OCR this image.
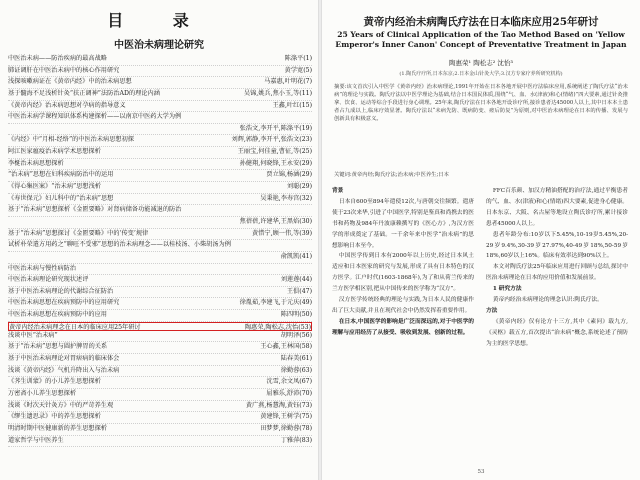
目 录
中医治未病理论研究
中医治未病——防治疾病的最高战略	陈涤平(1)
肺证调肝在中医治未病中的核心作用研究	黄学宽(5)
浅探咳嗽病证在《黄帝内经》中的治未病思想	马嘉惠,叶明花(7)
基于髓海不足浅析针灸“扶正调神”法防治AD的理论内涵	吴锦,姚兵,焦小玉,等(11)
《黄帝内经》治未病思想对孕病的指导意义	王鑫,叶红(15)
中医治未病学课程知识体系构建探析——以南京中医药大学为例
张浩文,李开平,陈涤平(19)
《内经》中“月相-经络”的中医治未病思想初探	刘辉,郭静,李开平,张浩文(23)
阿江医家瘟疫治未病学术思想探析	王丽宝,何佳童,曹征,等(25)
李梴治未病思想探析	孙健翔,何晓锋,王永安(29)
“治未病”思想在妇科疾病防治中的运用	贾立锦,杨涵(29)
《得心集医案》“治未病”思想浅析	刘聪(29)
《寿世保元》妇儿科中的“治未病”思想	吴秉艳,李寿宫(32)
基于“治未病”思想探析《金匮要略》对肾病储备功能减退的防治
焦蓓蓓,许建华,王黑焰(30)
基于“治未病”思想探讨《金匮要略》中的‘传变’规律	黄惜宁,顾一伟,等(39)
试析朴荣遣方用药之“聊旺不受邪”思想的治未病理念——以桂枝汤、小柴胡汤为例
俞凯凯(41)
中医治未病与慢性病防治
中医治未病理论研究现状述评	刘莲莲(44)
基于中医治未病理论的代谢综合征防治	王俱(47)
中医治未病思想在疾病预防中的应用研究	徐胤茹,李建飞,于元庆(49)
中医治未病思想在疾病预防中的应用	陈四明(50)
黄帝内经治未病理念在日本的临床应用25年研讨	陶惠荣,陶松志,沈怡(53)
浅谈中医“治未病”	胡明泽(56)
基于“治未病”思想与圆护脾胃的关系	王心鑫,王林国(58)
基于中医治未病理论对胃痞病的临床体会	陆春美(61)
浅谈《黄帝内经》气机升降出入与治未病	徐勤蓉(63)
《荠生训蒙》的小儿养生思想探析	沈雪,余文凤(67)
万密斋小儿养生思想探析	屈雅乐,舒沛(70)
浅谈《时次天针灸方》中的严苛养生观	黄广燕,杨慧淘,黄钰(73)
《缪生遗思录》中的养生思想探析	黄建锋,王树学(75)
明清时期中医健康新的养生思想探析	田梦梦,徐勤蓉(78)
道家哲学与中医养生	丁雅萍(83)
黄帝内经治未病陶氏疗法在日本临床应用25年研讨
25 Years of Clinical Application of the Tao Method Based on 'Yellow Emperor's Inner Canon' Concept of Preventative Treatment in Japan
陶惠荣¹ 陶松志² 沈怡³
(1.陶氏疗疗所,日本东京;2.日本金山针灸大学;3.汉方专家疗养所研究机构)
摘要:该文首次引入中医学《黄帝内经》治未病理论,1991年开始在日本各地开展中医疗法临床应用,系统阐述了陶氏疗法“治未病”的理论与实践。陶氏疗法以中医学理论为基础,结合日本国民体质,围绕“气、血、水(津液)和心(情绪)”四大要素,通过针灸推拿、饮食、运动等综合手段进行身心调理。25年来,陶氏疗法在日本各地开设诊疗所,接诊患者达45000人以上,其中日本本土患者占九成以上,临床疗效显著。陶氏疗法以“未病先防、既病防变、瘥后防复”为原则,对中医治未病理论在日本的传播、发展与创新具有积极意义。
关键词:黄帝内经;陶氏疗法;治未病;中医养生;日本

背景

日本自600至894年遣使12次,与唐朝交往频繁。遣唐使于23次来华,引进了中国医学,特别是鉴真和尚携去的医书和药物及984年丹波康赖撰写的《医心方》,为汉方医学的形成奠定了基础。一千余年来中医学“治未病”的思想影响日本至今。

中国医学传到日本有2000年以上历史,经过日本风土适应和日本医家的研究与发展,形成了具有日本特色的汉方医学。江户时代(1603-1868年),为了和从荷兰传来的兰方医学相区别,把从中国传来的医学称为“汉方”。

汉方医学传统经典的理论与实践,为日本人民的健康作出了巨大贡献,并且在现代社会中仍然发挥着重要作用。

在日本,中国医学的影响是广泛而深远的,对于中医学的理解与应用经历了从接受、吸收到发展、创新的过程。

FFC百乐颜、加汉方精油搭配的治疗法,通过平衡患者的气、血、水(津液)和心(情绪)四大要素,促进身心健康。日本东京、大阪、名古屋等地设立陶氏诊疗所,累计接诊患者45000人以上。

患者年龄分布:10岁以下5.45%,10-19岁5.45%,20-29岁9.4%,30-39岁27.97%,40-49岁18%,50-59岁18%,60岁以上16%。临床有效率达到90%以上。

本文对陶氏疗法25年临床应用进行回顾与总结,探讨中医治未病理论在日本的应用价值和发展前景。

1 研究方法

黄帝内经治未病理论的理念认识:陶氏疗法。

方法

《黄帝内经》仅有论方十三方,其中《素问》载九方,《灵枢》载五方,首次提出“治未病”概念,系统论述了预防为主的医学思想。

53
